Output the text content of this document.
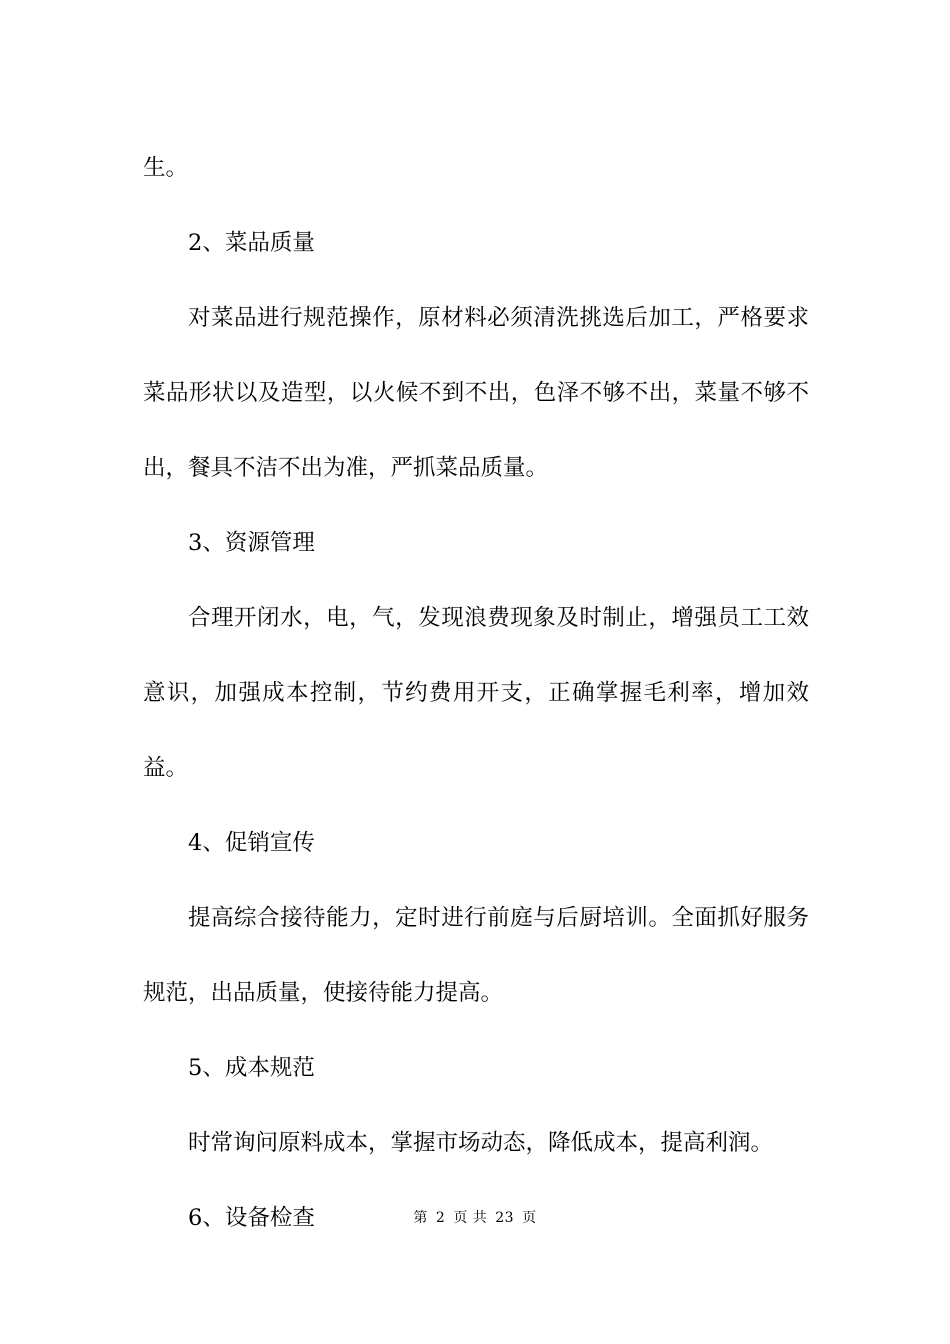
生。

2、菜品质量

对菜品进行规范操作，原材料必须清洗挑选后加工，严格要求菜品形状以及造型，以火候不到不出，色泽不够不出，菜量不够不出，餐具不洁不出为准，严抓菜品质量。

3、资源管理

合理开闭水，电，气，发现浪费现象及时制止，增强员工工效意识，加强成本控制，节约费用开支，正确掌握毛利率，增加效益。

4、促销宣传

提高综合接待能力，定时进行前庭与后厨培训。全面抓好服务规范，出品质量，使接待能力提高。

5、成本规范

时常询问原料成本，掌握市场动态，降低成本，提高利润。

6、设备检查	第 2 页 共 23 页
